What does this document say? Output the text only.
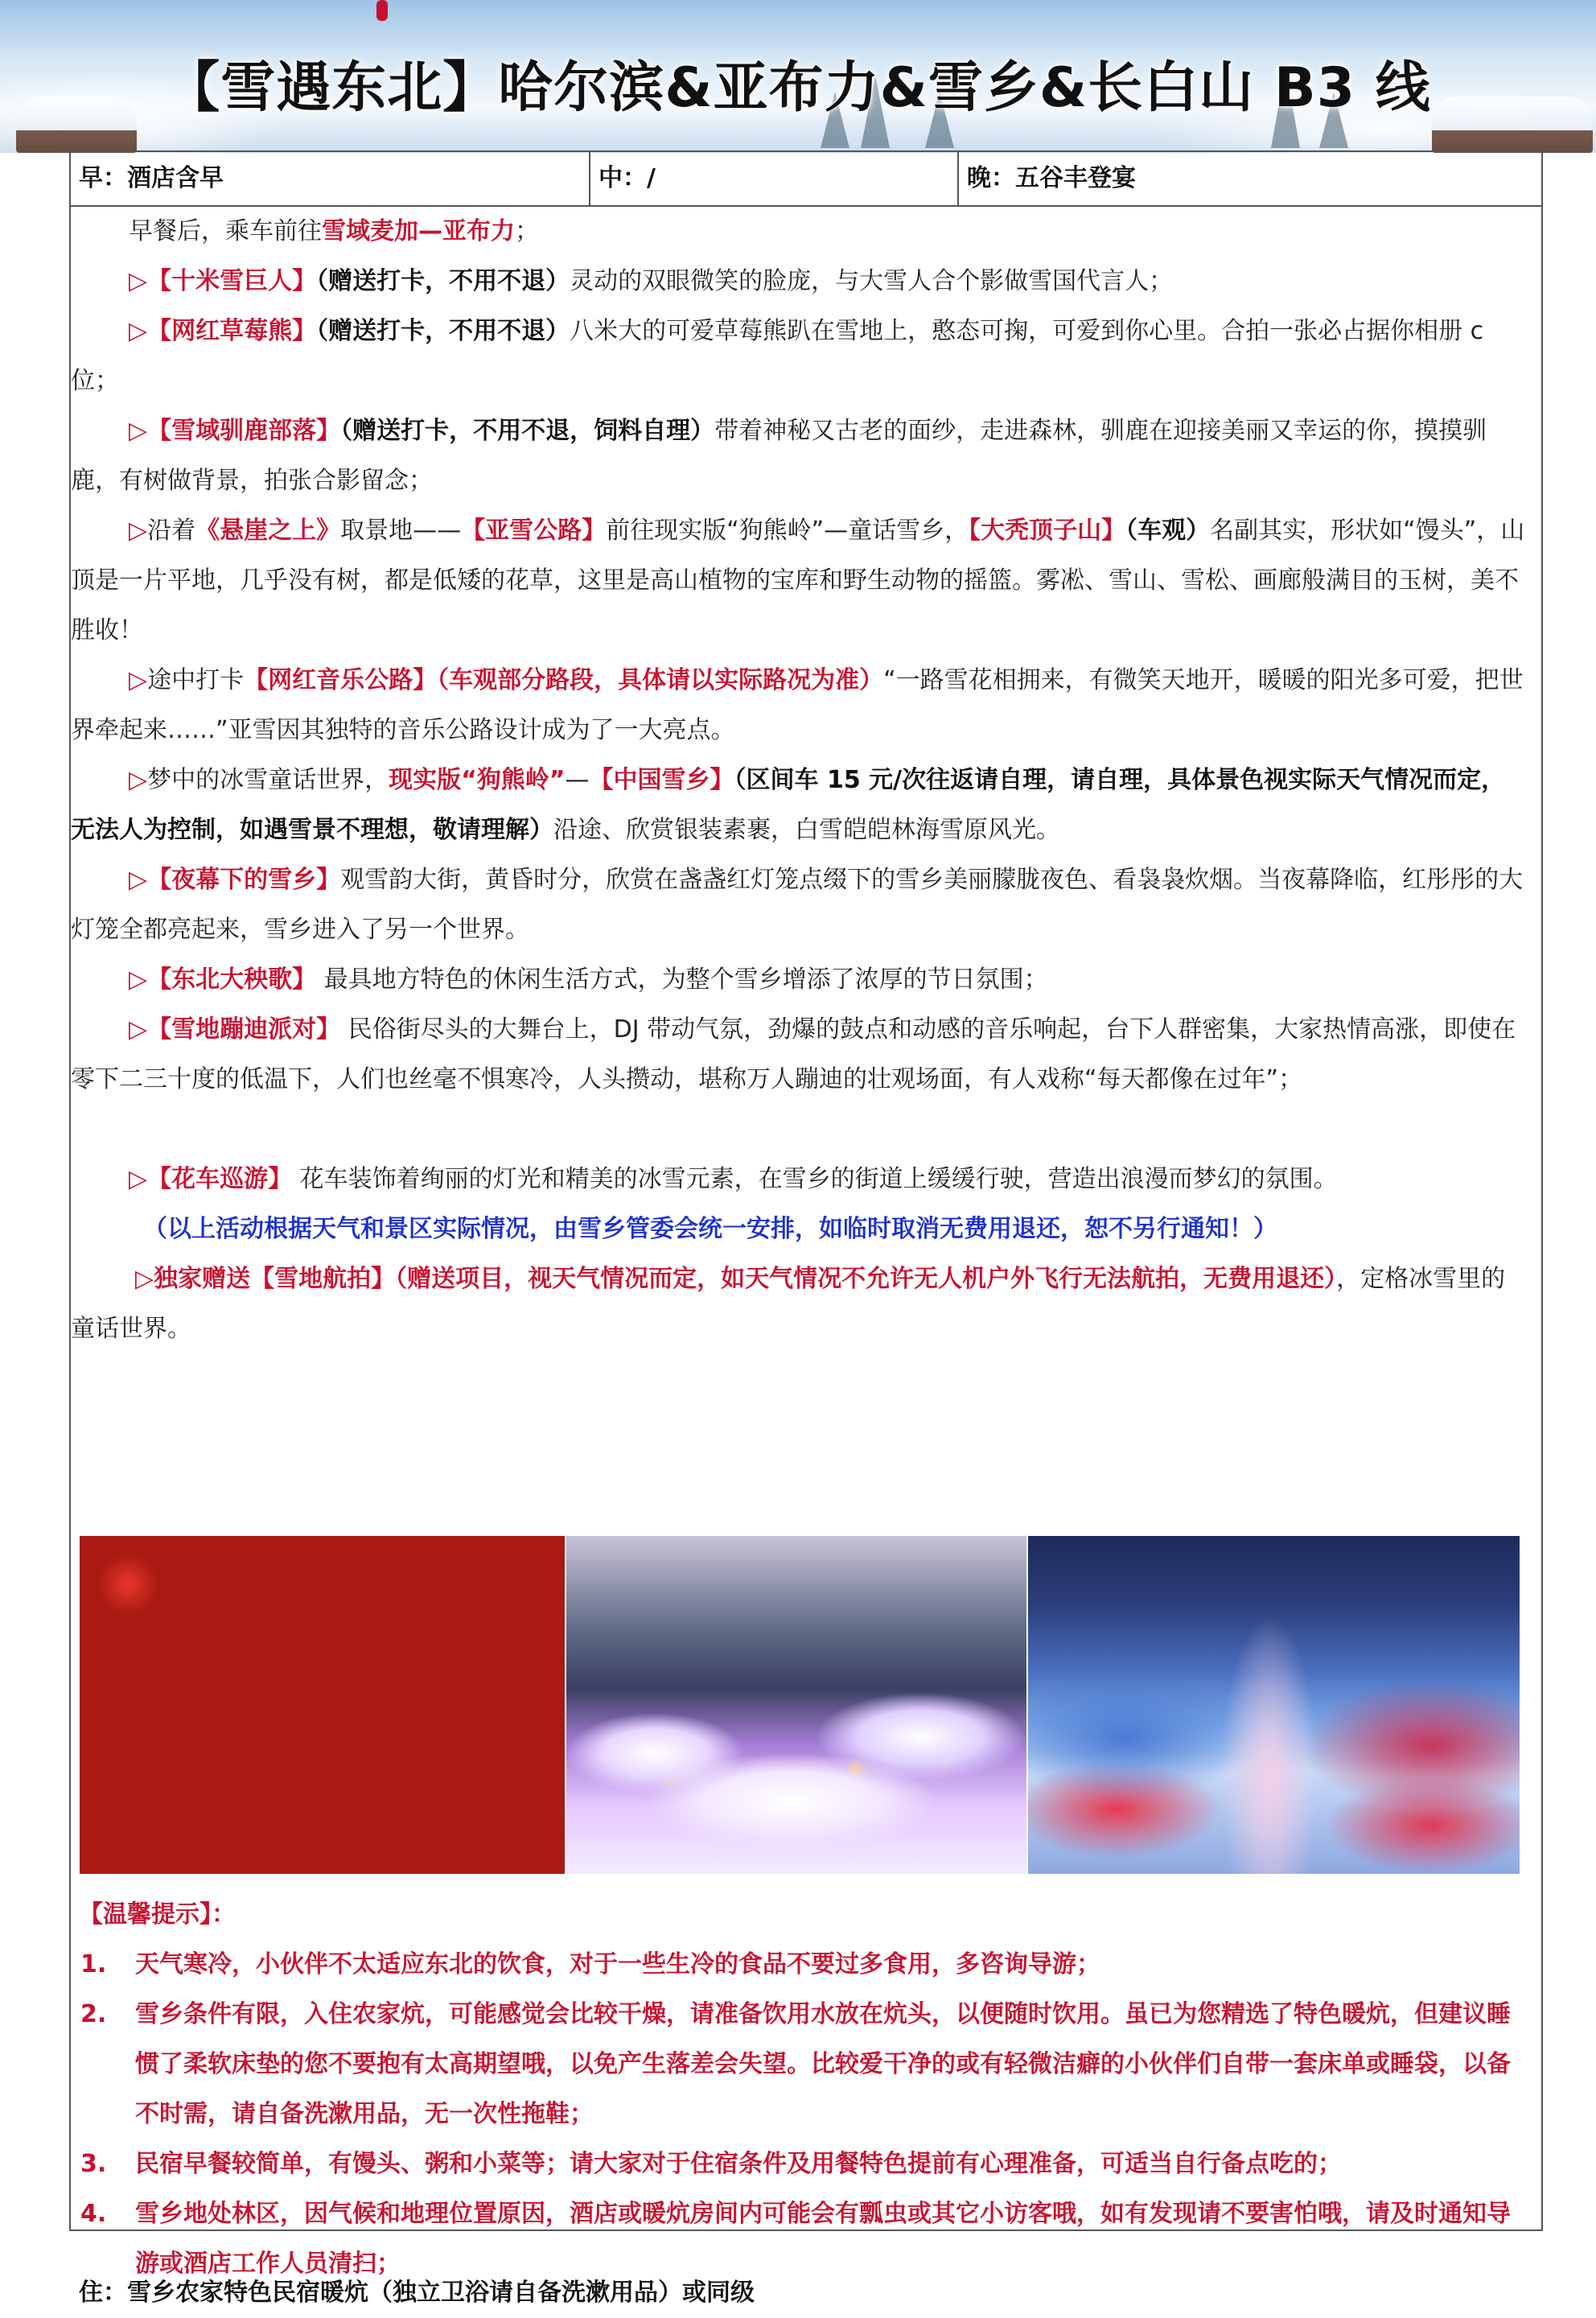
【雪遇东北】哈尔滨&亚布力&雪乡&长白山 B3 线
早：酒店含早	中：/	晚：五谷丰登宴
早餐后，乘车前往雪域麦加—亚布力；
▷【十米雪巨人】（赠送打卡，不用不退）灵动的双眼微笑的脸庞，与大雪人合个影做雪国代言人；
▷【网红草莓熊】（赠送打卡，不用不退）八米大的可爱草莓熊趴在雪地上，憨态可掬，可爱到你心里。合拍一张必占据你相册 c 位；
▷【雪域驯鹿部落】（赠送打卡，不用不退，饲料自理）带着神秘又古老的面纱，走进森林，驯鹿在迎接美丽又幸运的你，摸摸驯鹿，有树做背景，拍张合影留念；
▷沿着《悬崖之上》取景地——【亚雪公路】前往现实版“狗熊岭”—童话雪乡，【大秃顶子山】（车观）名副其实，形状如“馒头”，山顶是一片平地，几乎没有树，都是低矮的花草，这里是高山植物的宝库和野生动物的摇篮。雾凇、雪山、雪松、画廊般满目的玉树，美不胜收！
▷途中打卡【网红音乐公路】（车观部分路段，具体请以实际路况为准）“一路雪花相拥来，有微笑天地开，暖暖的阳光多可爱，把世界牵起来……”亚雪因其独特的音乐公路设计成为了一大亮点。
▷梦中的冰雪童话世界，现实版“狗熊岭”—【中国雪乡】（区间车 15 元/次往返请自理，请自理，具体景色视实际天气情况而定，无法人为控制，如遇雪景不理想，敬请理解）沿途、欣赏银装素裹，白雪皑皑林海雪原风光。
▷【夜幕下的雪乡】观雪韵大街，黄昏时分，欣赏在盏盏红灯笼点缀下的雪乡美丽朦胧夜色、看袅袅炊烟。当夜幕降临，红彤彤的大灯笼全都亮起来，雪乡进入了另一个世界。
▷【东北大秧歌】 最具地方特色的休闲生活方式，为整个雪乡增添了浓厚的节日氛围；
▷【雪地蹦迪派对】 民俗街尽头的大舞台上，DJ 带动气氛，劲爆的鼓点和动感的音乐响起，台下人群密集，大家热情高涨，即使在零下二三十度的低温下，人们也丝毫不惧寒冷，人头攒动，堪称万人蹦迪的壮观场面，有人戏称“每天都像在过年”；
▷【花车巡游】 花车装饰着绚丽的灯光和精美的冰雪元素，在雪乡的街道上缓缓行驶，营造出浪漫而梦幻的氛围。
（以上活动根据天气和景区实际情况，由雪乡管委会统一安排，如临时取消无费用退还，恕不另行通知！）
▷独家赠送【雪地航拍】（赠送项目，视天气情况而定，如天气情况不允许无人机户外飞行无法航拍，无费用退还），定格冰雪里的童话世界。
【温馨提示】：
1.	天气寒冷，小伙伴不太适应东北的饮食，对于一些生冷的食品不要过多食用，多咨询导游；
2.	雪乡条件有限，入住农家炕，可能感觉会比较干燥，请准备饮用水放在炕头，以便随时饮用。虽已为您精选了特色暖炕，但建议睡惯了柔软床垫的您不要抱有太高期望哦，以免产生落差会失望。比较爱干净的或有轻微洁癖的小伙伴们自带一套床单或睡袋，以备不时需，请自备洗漱用品，无一次性拖鞋；
3.	民宿早餐较简单，有馒头、粥和小菜等；请大家对于住宿条件及用餐特色提前有心理准备，可适当自行备点吃的；
4.	雪乡地处林区，因气候和地理位置原因，酒店或暖炕房间内可能会有瓢虫或其它小访客哦，如有发现请不要害怕哦，请及时通知导游或酒店工作人员清扫；
住：雪乡农家特色民宿暖炕（独立卫浴请自备洗漱用品）或同级
